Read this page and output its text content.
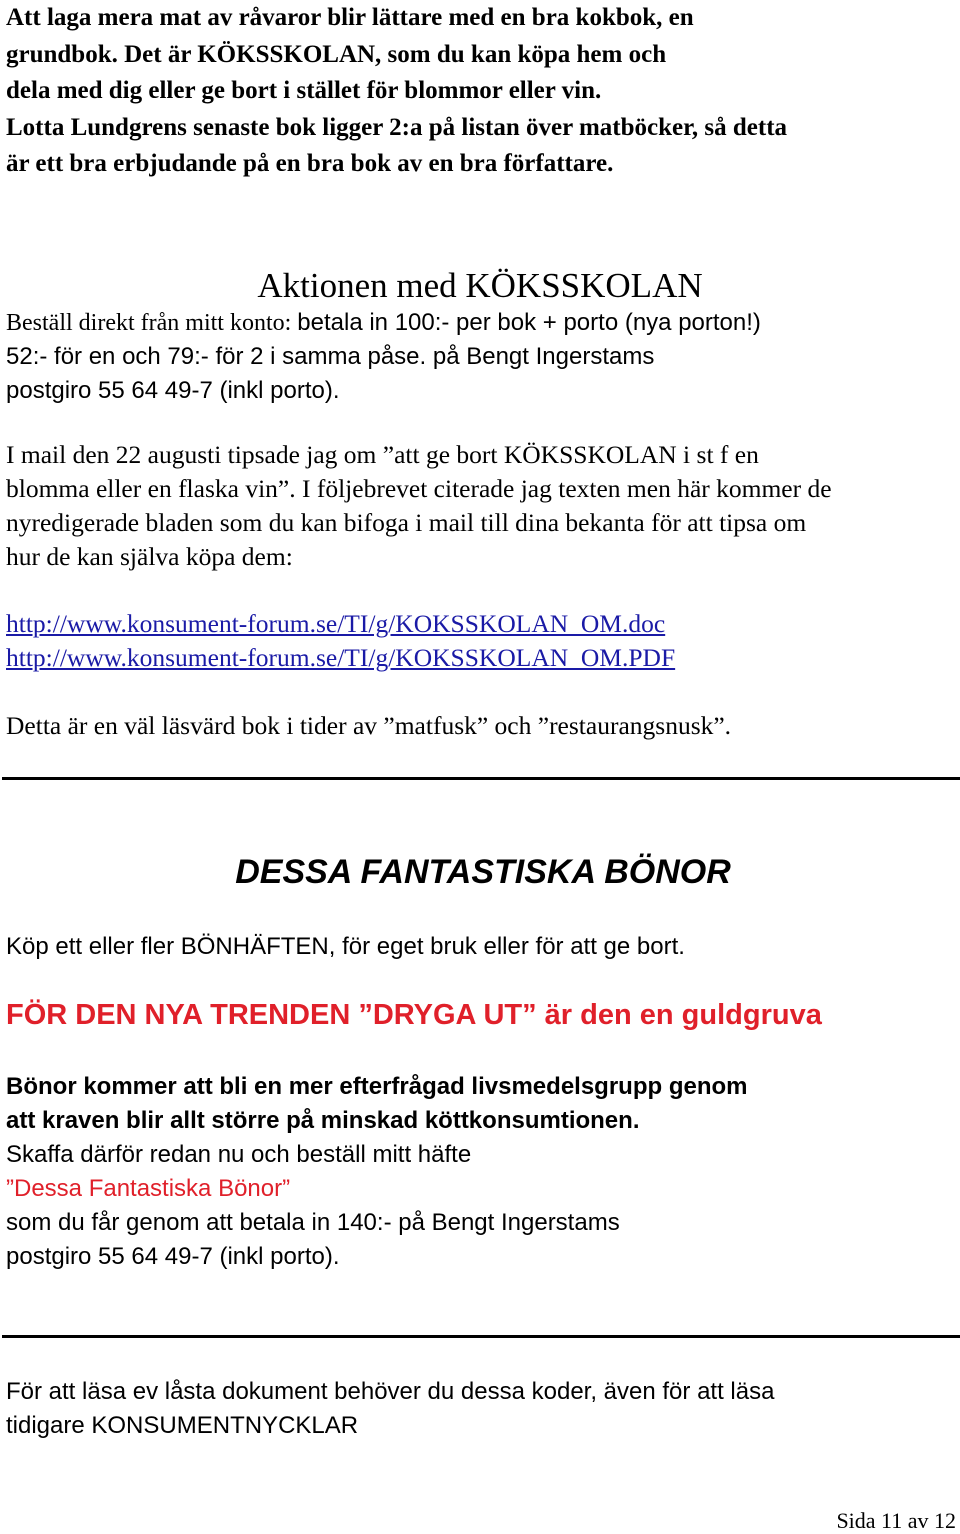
Att laga mera mat av råvaror blir lättare med en bra kokbok, en
grundbok. Det är KÖKSSKOLAN, som du kan köpa hem och
dela med dig eller ge bort i stället för blommor eller vin.
Lotta Lundgrens senaste bok ligger 2:a på listan över matböcker, så detta
är ett bra erbjudande på en bra bok av en bra författare.
Aktionen med KÖKSSKOLAN
Beställ direkt från mitt konto: betala in 100:- per bok + porto (nya porton!)
52:- för en och 79:- för 2 i samma påse. på Bengt Ingerstams
postgiro 55 64 49-7 (inkl porto).
I mail den 22 augusti tipsade jag om ”att ge bort KÖKSSKOLAN i st f en
blomma eller en flaska vin”. I följebrevet citerade jag texten men här kommer de
nyredigerade bladen som du kan bifoga i mail till dina bekanta för att tipsa om
hur de kan själva köpa dem:
http://www.konsument-forum.se/TI/g/KOKSSKOLAN_OM.doc
http://www.konsument-forum.se/TI/g/KOKSSKOLAN_OM.PDF
Detta är en väl läsvärd bok i tider av ”matfusk” och ”restaurangsnusk”.
DESSA FANTASTISKA BÖNOR
Köp ett eller fler BÖNHÄFTEN, för eget bruk eller för att ge bort.
FÖR DEN NYA TRENDEN ”DRYGA UT” är den en guldgruva
Bönor kommer att bli en mer efterfrågad livsmedelsgrupp genom
att kraven blir allt större på minskad köttkonsumtionen.
Skaffa därför redan nu och beställ mitt häfte
”Dessa Fantastiska Bönor”
som du får genom att betala in 140:- på Bengt Ingerstams
postgiro 55 64 49-7 (inkl porto).
För att läsa ev låsta dokument behöver du dessa koder, även för att läsa
tidigare KONSUMENTNYCKLAR
Sida 11 av 12
